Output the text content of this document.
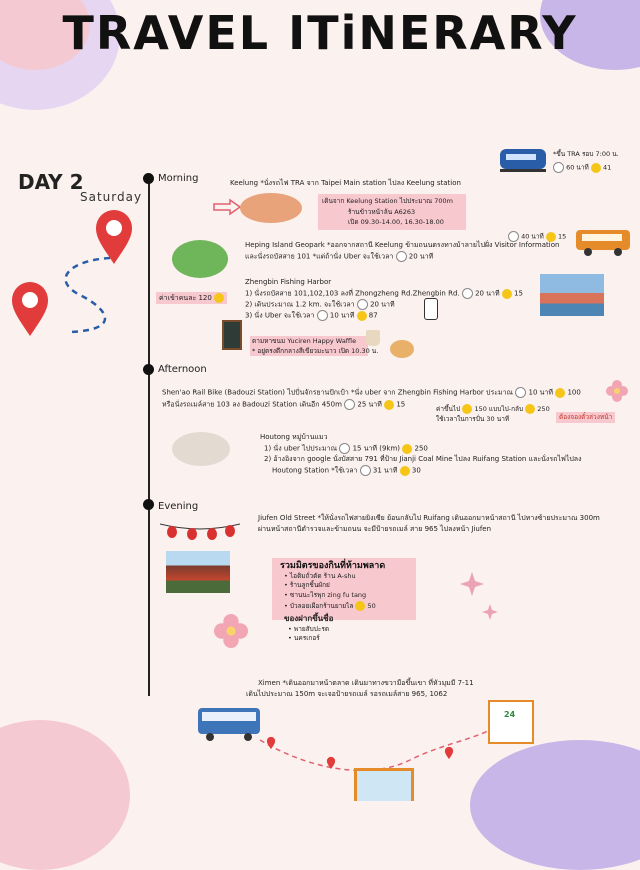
TRAVEL ITiNERARY
DAY 2
Saturday
Morning
Afternoon
Evening
Keelung *นั่งรถไฟ TRA จาก Taipei Main station ไปลง Keelung station
*ขึ้น TRA รอบ 7:00 น.
60 นาที 41
เดินจาก Keelung Station ไปประมาณ 700m
ร้านข้าวหน้าล้น A6263
เปิด 09.30-14.00, 16.30-18.00
40 นาที 15
Heping Island Geopark *ออกจากสถานี Keelung ข้ามถนนตรงทางม้าลายไปฝั่ง Visitor Information
และนั่งรถบัสสาย 101 *แต่ถ้านั่ง Uber จะใช้เวลา 20 นาที
ค่าเข้าคนละ 120
Zhengbin Fishing Harbor
1) นั่งรถบัสสาย 101,102,103 ลงที่ Zhongzheng Rd.Zhengbin Rd. 20 นาที 15
2) เดินประมาณ 1.2 km. จะใช้เวลา 20 นาที
3) นั่ง Uber จะใช้เวลา 10 นาที 87
ตามหาขนม Yuciren Happy Waffle
* อยู่ตรงตึกกลางสีเขียวมะนาว เปิด 10.30 น.
Shen'ao Rail Bike (Badouzi Station) ไปปั่นจักรยานปักเป้า *นั่ง uber จาก Zhengbin Fishing Harbor ประมาณ 10 นาที 100
หรือนั่งรถเมล์สาย 103 ลง Badouzi Station เดินอีก 450m 25 นาที 15
ค่าขึ้นไป 150 แบบไป-กลับ 250
ใช้เวลาในการปั่น 30 นาที	ต้องจองตั๋วล่วงหน้า
Houtong หมู่บ้านแมว
1) นั่ง uber ไปประมาณ 15 นาที (9km) 250
2) อ้างอิงจาก google นั่งบัสสาย 791 ที่ป้าย Jianji Coal Mine ไปลง Ruifang Station และนั่งรถไฟไปลง
Houtong Station *ใช้เวลา 31 นาที 30
Jiufen Old Street *ให้นั่งรถไฟสายยิงเซีย ย้อนกลับไป Ruifang เดินออกมาหน้าสถานี ไปทางซ้ายประมาณ 300m
ผ่านหน้าสถานีตำรวจและข้ามถนน จะมีป้ายรถเมล์ สาย 965 ไปลงหน้า Jiufen
รวมมิตรของกินที่ห้ามพลาด
• ไอติมถั่วตัด ร้าน A-shu
• ร้านลูกชิ้นผักย่
• ซานนะไรพุก zing fu tang
• บัวลอยเผือกร้านยายไล 50
ของฝากขึ้นชื่อ
• พายสับปะรด
• นครเกอร์
Ximen *เดินออกมาหน้าตลาด เดินมาทางขวามือขึ้นเขา ที่หัวมุมมี 7-11
เดินไปประมาณ 150m จะเจอป้ายรถเมล์ รอรถเมล์สาย 965, 1062
24
